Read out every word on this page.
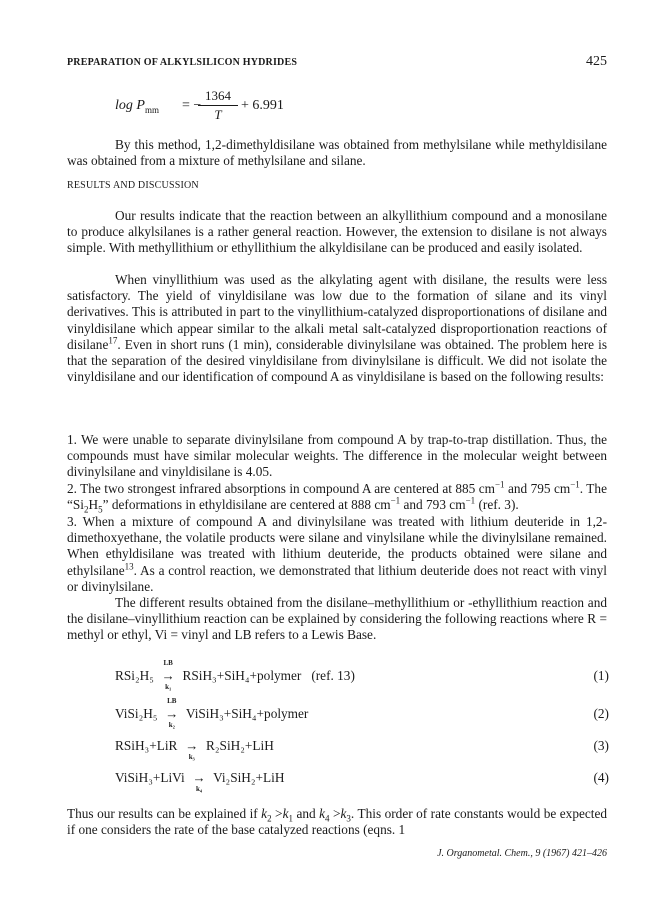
PREPARATION OF ALKYLSILICON HYDRIDES	425
$\log P_{mm}$ = −
1364
T
+ 6.991

By this method, 1,2-dimethyldisilane was obtained from methylsilane while methyldisilane was obtained from a mixture of methylsilane and silane.

RESULTS AND DISCUSSION

Our results indicate that the reaction between an alkyllithium compound and a monosilane to produce alkylsilanes is a rather general reaction. However, the extension to disilane is not always simple. With methyllithium or ethyllithium the alkyldisilane can be produced and easily isolated.

When vinyllithium was used as the alkylating agent with disilane, the results were less satisfactory. The yield of vinyldisilane was low due to the formation of silane and its vinyl derivatives. This is attributed in part to the vinyllithium-catalyzed disproportionations of disilane and vinyldisilane which appear similar to the alkali metal salt-catalyzed disproportionation reactions of disilane$^{17}$. Even in short runs (1 min), considerable divinylsilane was obtained. The problem here is that the separation of the desired vinyldisilane from divinylsilane is difficult. We did not isolate the vinyldisilane and our identification of compound A as vinyldisilane is based on the following results:

1. We were unable to separate divinylsilane from compound A by trap-to-trap distillation. Thus, the compounds must have similar molecular weights. The difference in the molecular weight between divinylsilane and vinyldisilane is 4.05.

2. The two strongest infrared absorptions in compound A are centered at 885 $cm^{-1}$ and 795 $cm^{-1}$. The “$Si_2H_5$” deformations in ethyldisilane are centered at 888 $cm^{-1}$ and 793 $cm^{-1}$ (ref. 3).

3. When a mixture of compound A and divinylsilane was treated with lithium deuteride in 1,2-dimethoxyethane, the volatile products were silane and vinylsilane while the divinylsilane remained. When ethyldisilane was treated with lithium deuteride, the products obtained were silane and ethylsilane$^{13}$. As a control reaction, we demonstrated that lithium deuteride does not react with vinyl or divinylsilane.

The different results obtained from the disilane–methyllithium or -ethyllithium reaction and the disilane–vinyllithium reaction can be explained by considering the following reactions where R = methyl or ethyl, Vi = vinyl and LB refers to a Lewis Base.

RSi₂H₅
LB
→
k₁
RSiH₃+SiH₄+polymer (ref. 13)	(1)
ViSi₂H₅
LB
→
k₂
ViSiH₃+SiH₄+polymer	(2)
RSiH₃+LiR →
k₃
R₂SiH₂+LiH	(3)
ViSiH₃+LiVi →
k₄
Vi₂SiH₂+LiH	(4)

Thus our results can be explained if $k_2 >k_1$ and $k_4 >k_3$. This order of rate constants would be expected if one considers the rate of the base catalyzed reactions (eqns. 1

J. Organometal. Chem., 9 (1967) 421–426
